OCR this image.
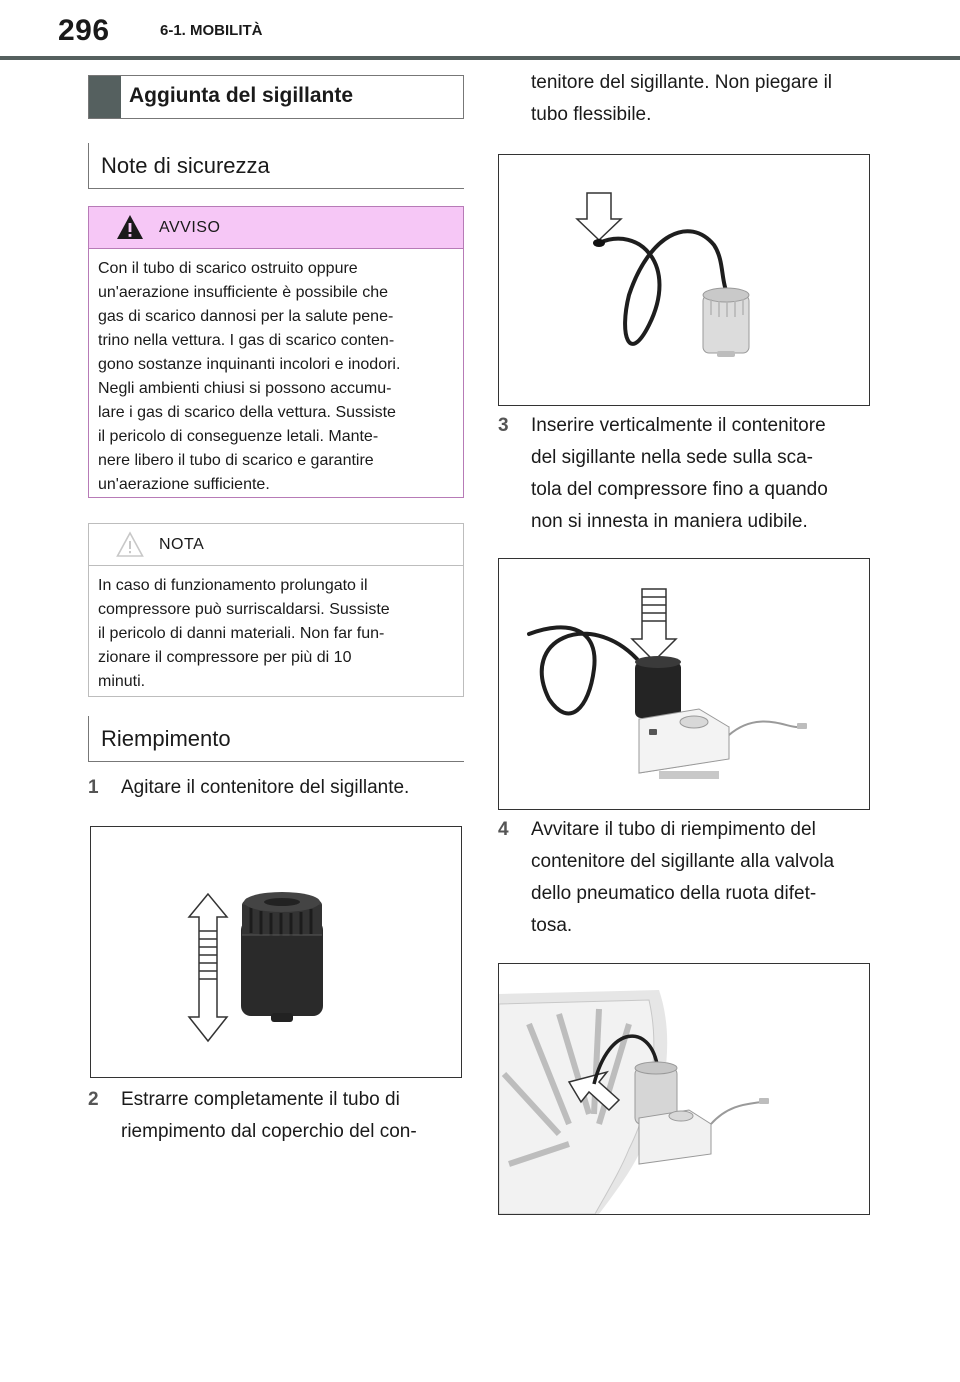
296	6-1. MOBILITÀ
Aggiunta del sigillante
Note di sicurezza
AVVISO
Con il tubo di scarico ostruito oppure
un'aerazione insufficiente è possibile che
gas di scarico dannosi per la salute pene-
trino nella vettura. I gas di scarico conten-
gono sostanze inquinanti incolori e inodori.
Negli ambienti chiusi si possono accumu-
lare i gas di scarico della vettura. Sussiste
il pericolo di conseguenze letali. Mante-
nere libero il tubo di scarico e garantire
un'aerazione sufficiente.
NOTA
In caso di funzionamento prolungato il
compressore può surriscaldarsi. Sussiste
il pericolo di danni materiali. Non far fun-
zionare il compressore per più di 10
minuti.
Riempimento
1 Agitare il contenitore del sigillante.
2 Estrarre completamente il tubo di
riempimento dal coperchio del con-
tenitore del sigillante. Non piegare il
tubo flessibile.
3 Inserire verticalmente il contenitore
del sigillante nella sede sulla sca-
tola del compressore fino a quando
non si innesta in maniera udibile.
4 Avvitare il tubo di riempimento del
contenitore del sigillante alla valvola
dello pneumatico della ruota difet-
tosa.
